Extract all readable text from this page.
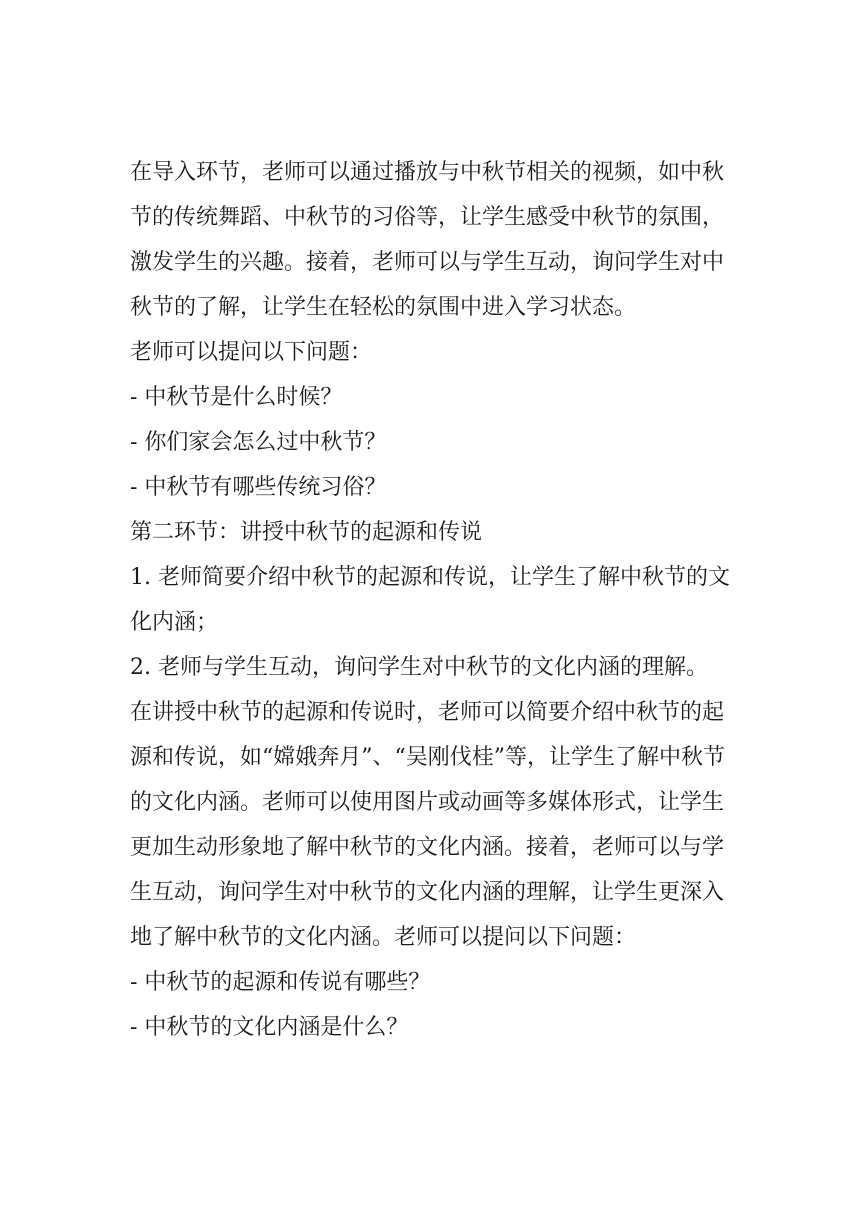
在导入环节，老师可以通过播放与中秋节相关的视频，如中秋节的传统舞蹈、中秋节的习俗等，让学生感受中秋节的氛围，激发学生的兴趣。接着，老师可以与学生互动，询问学生对中秋节的了解，让学生在轻松的氛围中进入学习状态。

老师可以提问以下问题：

- 中秋节是什么时候？

- 你们家会怎么过中秋节？

- 中秋节有哪些传统习俗？

第二环节：讲授中秋节的起源和传说

1. 老师简要介绍中秋节的起源和传说，让学生了解中秋节的文化内涵；

2. 老师与学生互动，询问学生对中秋节的文化内涵的理解。

在讲授中秋节的起源和传说时，老师可以简要介绍中秋节的起源和传说，如“嫦娥奔月”、“吴刚伐桂”等，让学生了解中秋节的文化内涵。老师可以使用图片或动画等多媒体形式，让学生更加生动形象地了解中秋节的文化内涵。接着，老师可以与学生互动，询问学生对中秋节的文化内涵的理解，让学生更深入地了解中秋节的文化内涵。老师可以提问以下问题：

- 中秋节的起源和传说有哪些？

- 中秋节的文化内涵是什么？
